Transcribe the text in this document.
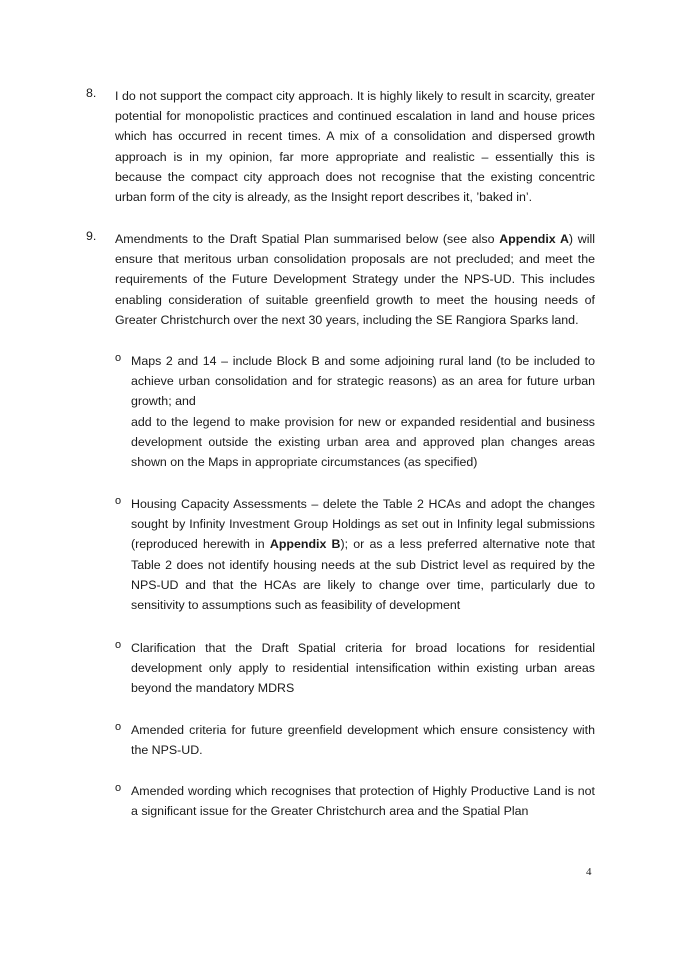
8. I do not support the compact city approach. It is highly likely to result in scarcity, greater potential for monopolistic practices and continued escalation in land and house prices which has occurred in recent times. A mix of a consolidation and dispersed growth approach is in my opinion, far more appropriate and realistic – essentially this is because the compact city approach does not recognise that the existing concentric urban form of the city is already, as the Insight report describes it, ’baked in’.
9. Amendments to the Draft Spatial Plan summarised below (see also Appendix A) will ensure that meritous urban consolidation proposals are not precluded; and meet the requirements of the Future Development Strategy under the NPS-UD. This includes enabling consideration of suitable greenfield growth to meet the housing needs of Greater Christchurch over the next 30 years, including the SE Rangiora Sparks land.
o Maps 2 and 14 – include Block B and some adjoining rural land (to be included to achieve urban consolidation and for strategic reasons) as an area for future urban growth; and
add to the legend to make provision for new or expanded residential and business development outside the existing urban area and approved plan changes areas shown on the Maps in appropriate circumstances (as specified)
o Housing Capacity Assessments – delete the Table 2 HCAs and adopt the changes sought by Infinity Investment Group Holdings as set out in Infinity legal submissions (reproduced herewith in Appendix B); or as a less preferred alternative note that Table 2 does not identify housing needs at the sub District level as required by the NPS-UD and that the HCAs are likely to change over time, particularly due to sensitivity to assumptions such as feasibility of development
o Clarification that the Draft Spatial criteria for broad locations for residential development only apply to residential intensification within existing urban areas beyond the mandatory MDRS
o Amended criteria for future greenfield development which ensure consistency with the NPS-UD.
o Amended wording which recognises that protection of Highly Productive Land is not a significant issue for the Greater Christchurch area and the Spatial Plan
4
